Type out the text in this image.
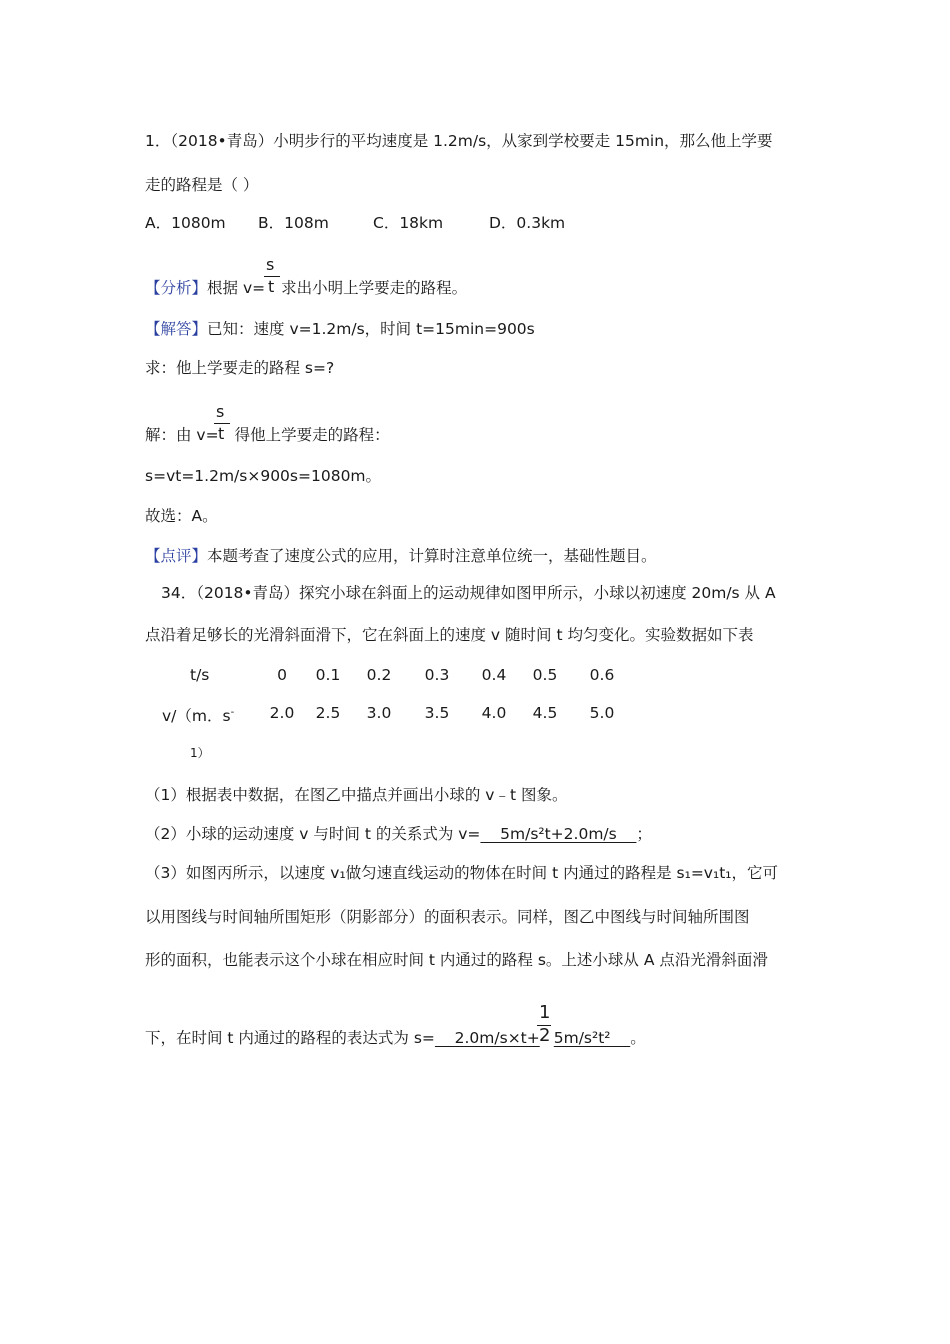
1．（2018•青岛）小明步行的平均速度是 1.2m/s，从家到学校要走 15min，那么他上学要
走的路程是（ ）
A．1080m B．108m	C．18km	D．0.3km
【分析】根据 v= 求出小明上学要走的路程。
s
t
【解答】已知：速度 v=1.2m/s，时间 t=15min=900s
求：他上学要走的路程 s=?
解：由 v= 得他上学要走的路程：
s
t
s=vt=1.2m/s×900s=1080m。
故选：A。
【点评】本题考查了速度公式的应用，计算时注意单位统一，基础性题目。
34．（2018•青岛）探究小球在斜面上的运动规律如图甲所示，小球以初速度 20m/s 从 A
点沿着足够长的光滑斜面滑下，它在斜面上的速度 v 随时间 t 均匀变化。实验数据如下表
t/s	0	0.1	0.2	0.3	0.4	0.5	0.6
v/（m．s-
1）
2.0	2.5	3.0	3.5	4.0	4.5	5.0
（1）根据表中数据，在图乙中描点并画出小球的 v﹣t 图象。
（2）小球的运动速度 v 与时间 t 的关系式为 v=    5m/s²t+2.0m/s    ；
（3）如图丙所示，以速度 v₁做匀速直线运动的物体在时间 t 内通过的路程是 s₁=v₁t₁，它可
以用图线与时间轴所围矩形（阴影部分）的面积表示。同样，图乙中图线与时间轴所围图
形的面积，也能表示这个小球在相应时间 t 内通过的路程 s。上述小球从 A 点沿光滑斜面滑
下，在时间 t 内通过的路程的表达式为 s=    2.0m/s×t+ 5m/s²t²    。
1
2
